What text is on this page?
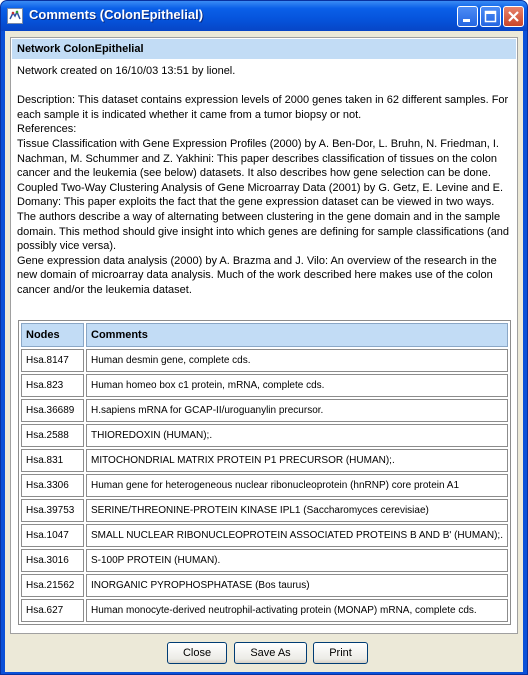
Comments (ColonEpithelial)
Network ColonEpithelial

Network created on 16/10/03 13:51 by lionel.

Description: This dataset contains expression levels of 2000 genes taken in 62 different samples. For

each sample it is indicated whether it came from a tumor biopsy or not.

References:

Tissue Classification with Gene Expression Profiles (2000) by A. Ben-Dor, L. Bruhn, N. Friedman, I.

Nachman, M. Schummer and Z. Yakhini: This paper describes classification of tissues on the colon

cancer and the leukemia (see below) datasets. It also describes how gene selection can be done.

Coupled Two-Way Clustering Analysis of Gene Microarray Data (2001) by G. Getz, E. Levine and E.

Domany: This paper exploits the fact that the gene expression dataset can be viewed in two ways.

The authors describe a way of alternating between clustering in the gene domain and in the sample

domain. This method should give insight into which genes are defining for sample classifications (and

possibly vice versa).

Gene expression data analysis (2000) by A. Brazma and J. Vilo: An overview of the research in the

new domain of microarray data analysis. Much of the work described here makes use of the colon

cancer and/or the leukemia dataset.

Nodes	Comments
Hsa.8147	Human desmin gene, complete cds.
Hsa.823	Human homeo box c1 protein, mRNA, complete cds.
Hsa.36689	H.sapiens mRNA for GCAP-II/uroguanylin precursor.
Hsa.2588	THIOREDOXIN (HUMAN);.
Hsa.831	MITOCHONDRIAL MATRIX PROTEIN P1 PRECURSOR (HUMAN);.
Hsa.3306	Human gene for heterogeneous nuclear ribonucleoprotein (hnRNP) core protein A1
Hsa.39753	SERINE/THREONINE-PROTEIN KINASE IPL1 (Saccharomyces cerevisiae)
Hsa.1047	SMALL NUCLEAR RIBONUCLEOPROTEIN ASSOCIATED PROTEINS B AND B' (HUMAN);.
Hsa.3016	S-100P PROTEIN (HUMAN).
Hsa.21562	INORGANIC PYROPHOSPHATASE (Bos taurus)
Hsa.627	Human monocyte-derived neutrophil-activating protein (MONAP) mRNA, complete cds.
Close	Save As	Print
